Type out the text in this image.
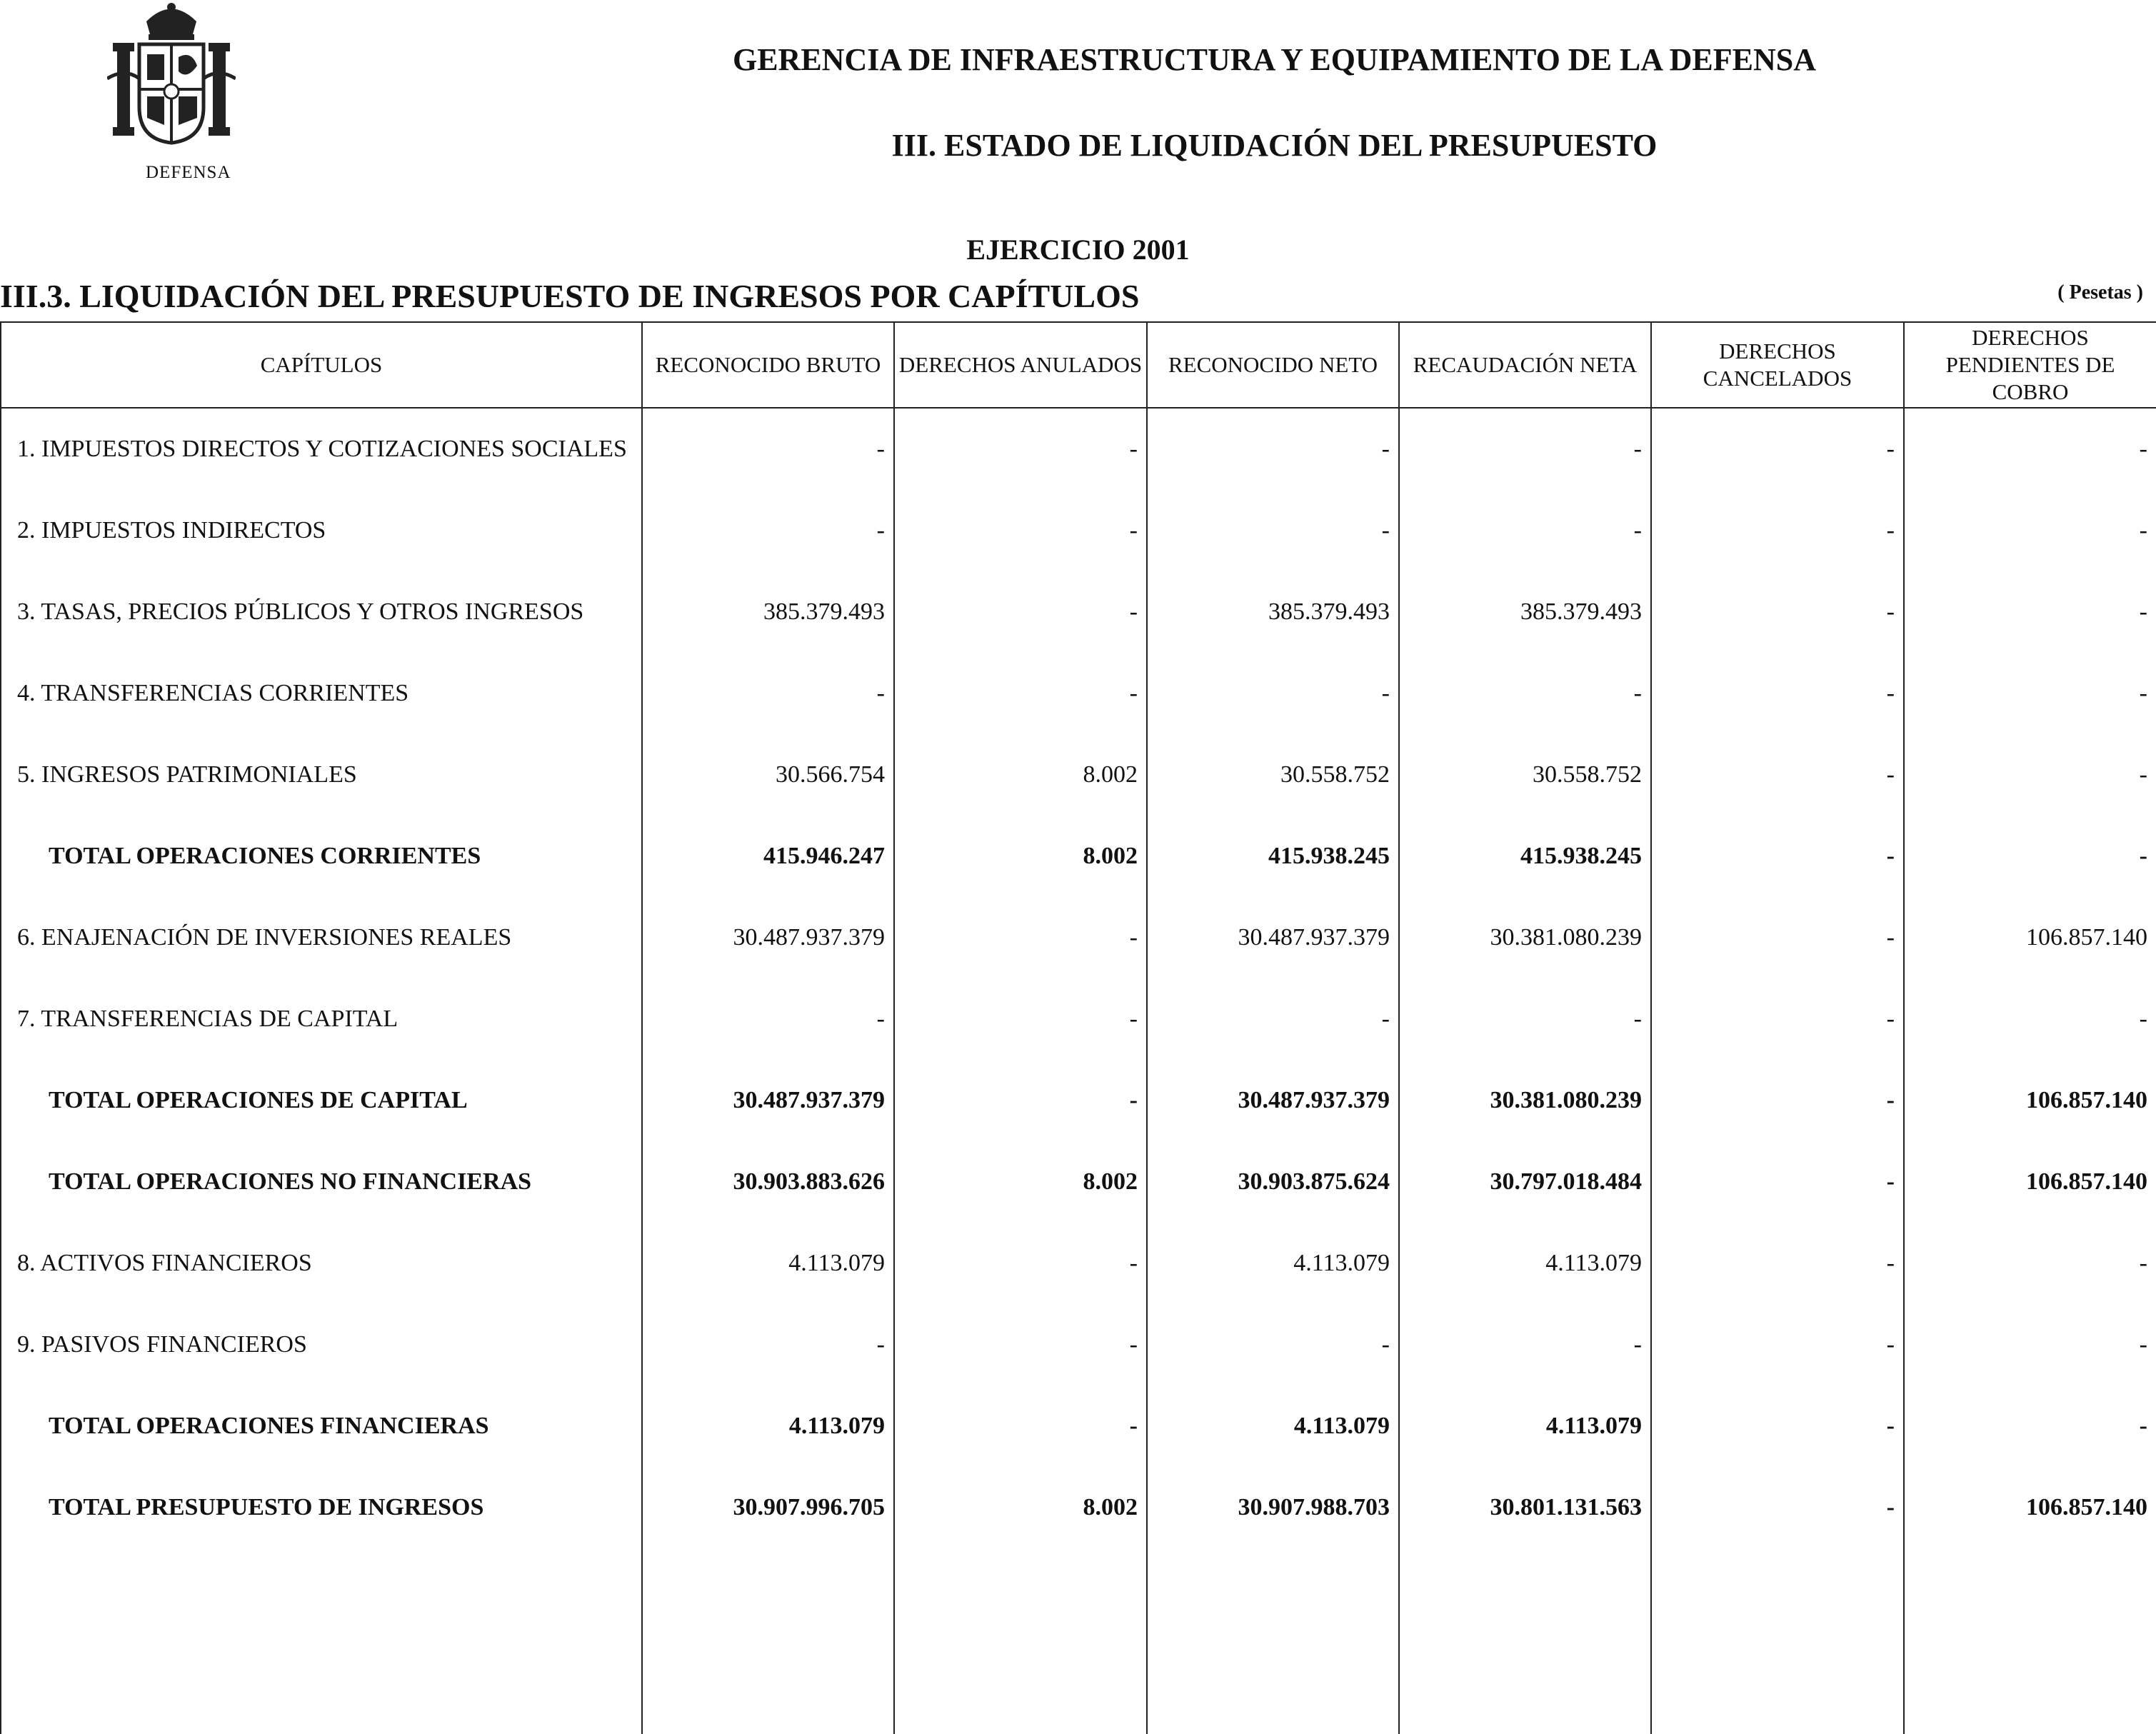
DEFENSA
GERENCIA DE INFRAESTRUCTURA Y EQUIPAMIENTO DE LA DEFENSA
III. ESTADO DE LIQUIDACIÓN DEL PRESUPUESTO
EJERCICIO 2001
III.3. LIQUIDACIÓN DEL PRESUPUESTO DE INGRESOS POR CAPÍTULOS	( Pesetas )
CAPÍTULOS	RECONOCIDO BRUTO	DERECHOS ANULADOS	RECONOCIDO NETO	RECAUDACIÓN NETA	DERECHOS CANCELADOS	DERECHOS PENDIENTES DE COBRO
1. IMPUESTOS DIRECTOS Y COTIZACIONES SOCIALES	-	-	-	-	-	-
2. IMPUESTOS INDIRECTOS	-	-	-	-	-	-
3. TASAS, PRECIOS PÚBLICOS Y OTROS INGRESOS	385.379.493	-	385.379.493	385.379.493	-	-
4. TRANSFERENCIAS CORRIENTES	-	-	-	-	-	-
5. INGRESOS PATRIMONIALES	30.566.754	8.002	30.558.752	30.558.752	-	-
TOTAL OPERACIONES CORRIENTES	415.946.247	8.002	415.938.245	415.938.245	-	-
6. ENAJENACIÓN DE INVERSIONES REALES	30.487.937.379	-	30.487.937.379	30.381.080.239	-	106.857.140
7. TRANSFERENCIAS DE CAPITAL	-	-	-	-	-	-
TOTAL OPERACIONES DE CAPITAL	30.487.937.379	-	30.487.937.379	30.381.080.239	-	106.857.140
TOTAL OPERACIONES NO FINANCIERAS	30.903.883.626	8.002	30.903.875.624	30.797.018.484	-	106.857.140
8. ACTIVOS FINANCIEROS	4.113.079	-	4.113.079	4.113.079	-	-
9. PASIVOS FINANCIEROS	-	-	-	-	-	-
TOTAL OPERACIONES FINANCIERAS	4.113.079	-	4.113.079	4.113.079	-	-
TOTAL PRESUPUESTO DE INGRESOS	30.907.996.705	8.002	30.907.988.703	30.801.131.563	-	106.857.140
